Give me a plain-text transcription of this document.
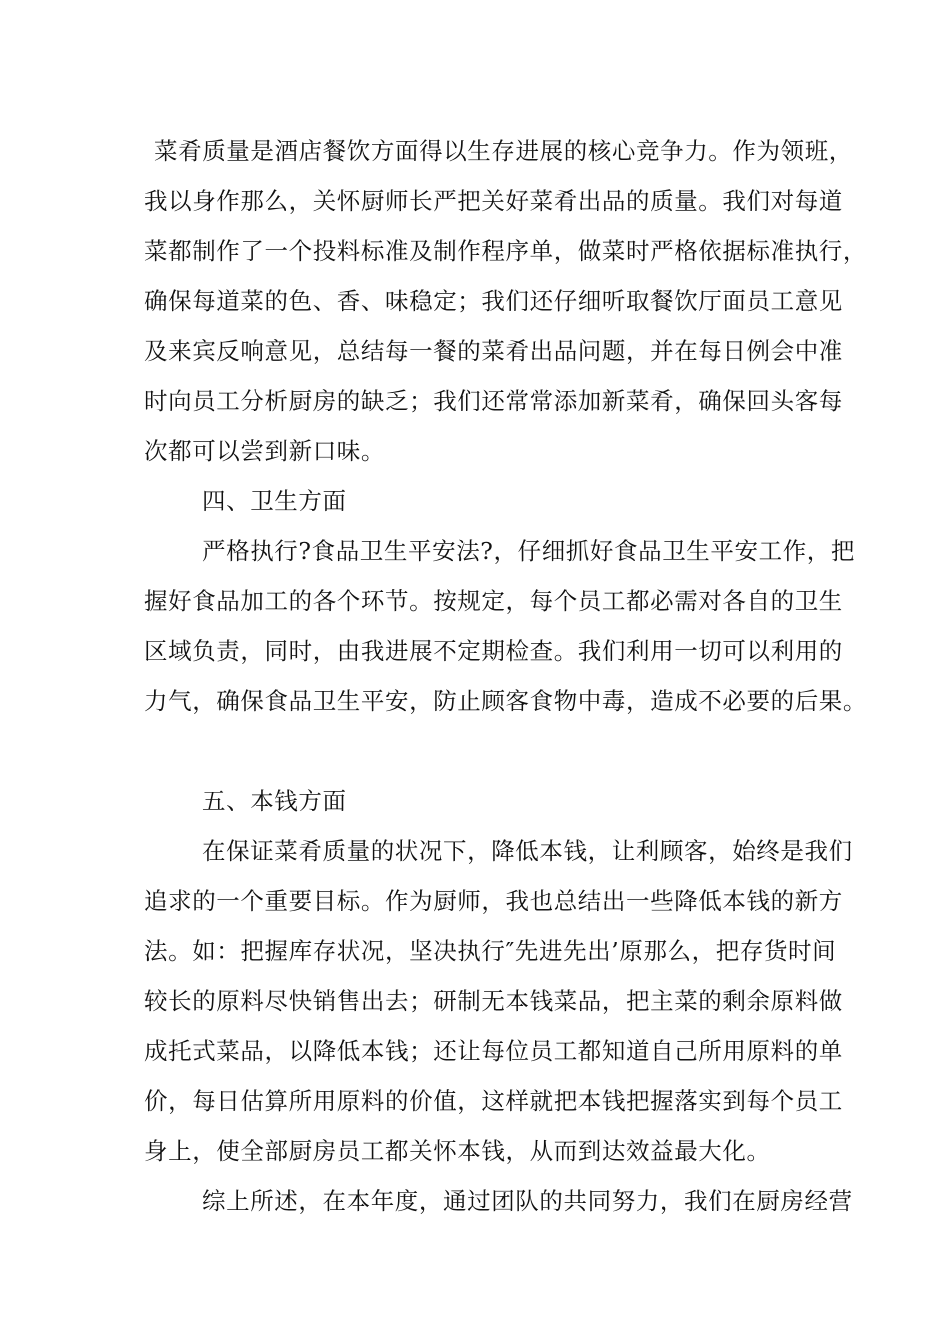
菜肴质量是酒店餐饮方面得以生存进展的核心竞争力。作为领班，
我以身作那么，关怀厨师长严把关好菜肴出品的质量。我们对每道
菜都制作了一个投料标准及制作程序单，做菜时严格依据标准执行，
确保每道菜的色、香、味稳定；我们还仔细听取餐饮厅面员工意见
及来宾反响意见，总结每一餐的菜肴出品问题，并在每日例会中准
时向员工分析厨房的缺乏；我们还常常添加新菜肴，确保回头客每
次都可以尝到新口味。
四、卫生方面
严格执行?食品卫生平安法?，仔细抓好食品卫生平安工作，把
握好食品加工的各个环节。按规定，每个员工都必需对各自的卫生
区域负责，同时，由我进展不定期检查。我们利用一切可以利用的
力气，确保食品卫生平安，防止顾客食物中毒，造成不必要的后果。
五、本钱方面
在保证菜肴质量的状况下，降低本钱，让利顾客，始终是我们
追求的一个重要目标。作为厨师，我也总结出一些降低本钱的新方
法。如：把握库存状况，坚决执行″先进先出’原那么，把存货时间
较长的原料尽快销售出去；研制无本钱菜品，把主菜的剩余原料做
成托式菜品，以降低本钱；还让每位员工都知道自己所用原料的单
价，每日估算所用原料的价值，这样就把本钱把握落实到每个员工
身上，使全部厨房员工都关怀本钱，从而到达效益最大化。
综上所述，在本年度，通过团队的共同努力，我们在厨房经营
